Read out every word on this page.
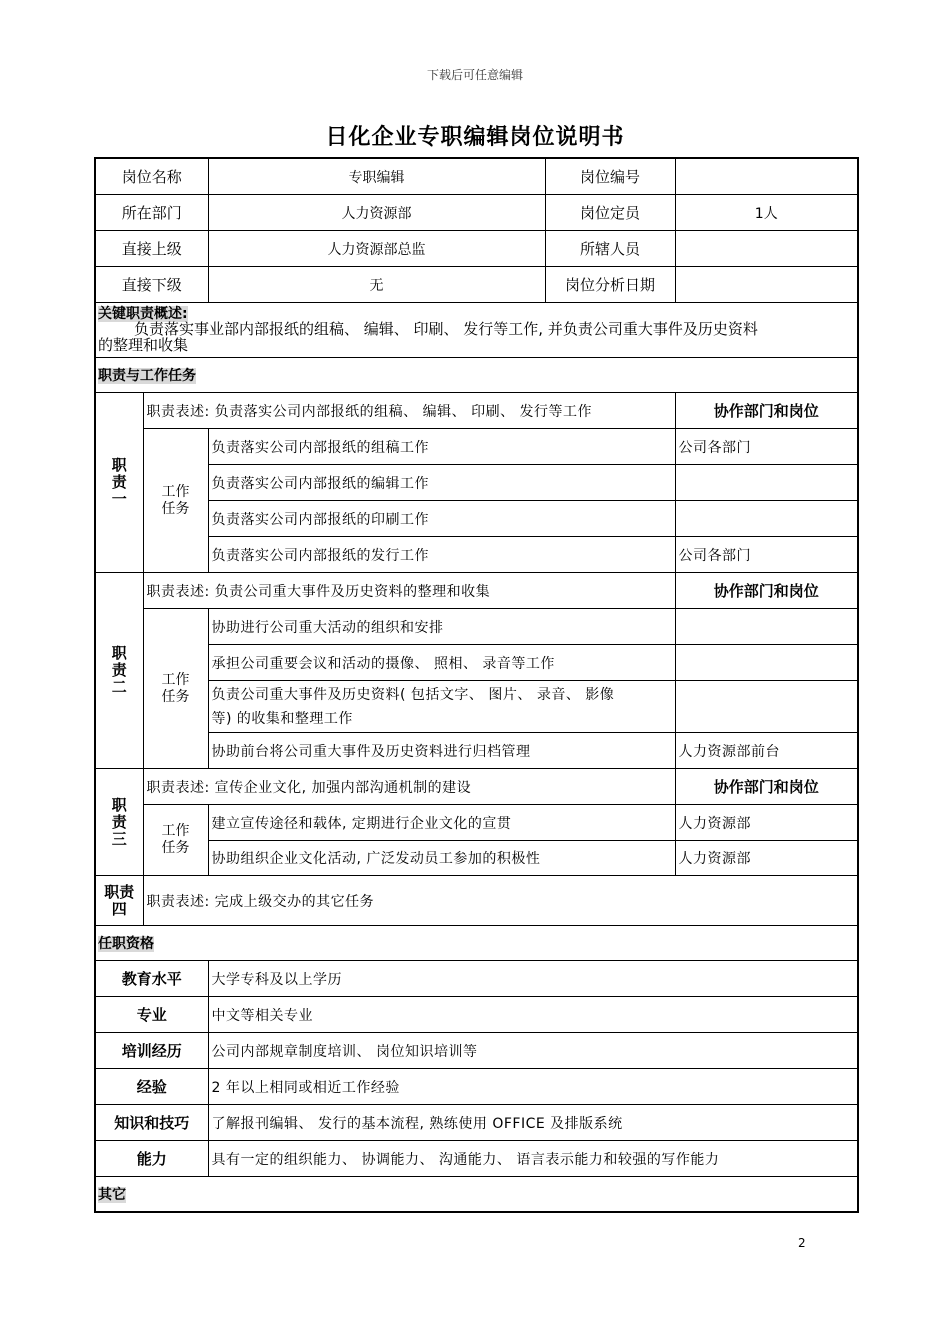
下载后可任意编辑
日化企业专职编辑岗位说明书
岗位名称		专职编辑	岗位编号	
所在部门		人力资源部	岗位定员	1人
直接上级		人力资源部总监	所辖人员	
直接下级		无	岗位分析日期	
关键职责概述:
负责落实事业部内部报纸的组稿、 编辑、 印刷、 发行等工作, 并负责公司重大事件及历史资料
的整理和收集				
职责与工作任务				
职
责
一	职责表述: 负责落实公司内部报纸的组稿、 编辑、 印刷、 发行等工作			协作部门和岗位
	工作
任务	负责落实公司内部报纸的组稿工作		公司各部门
		负责落实公司内部报纸的编辑工作		
		负责落实公司内部报纸的印刷工作		
		负责落实公司内部报纸的发行工作		公司各部门
职
责
二	职责表述: 负责公司重大事件及历史资料的整理和收集			协作部门和岗位
	工作
任务	协助进行公司重大活动的组织和安排		
		承担公司重要会议和活动的摄像、 照相、 录音等工作		
		负责公司重大事件及历史资料( 包括文字、 图片、 录音、 影像
等) 的收集和整理工作		
		协助前台将公司重大事件及历史资料进行归档管理		人力资源部前台
职
责
三	职责表述: 宣传企业文化, 加强内部沟通机制的建设			协作部门和岗位
	工作
任务	建立宣传途径和载体, 定期进行企业文化的宣贯		人力资源部
		协助组织企业文化活动, 广泛发动员工参加的积极性		人力资源部
职责
四	职责表述: 完成上级交办的其它任务			
任职资格				
教育水平		大学专科及以上学历		
专业		中文等相关专业		
培训经历		公司内部规章制度培训、 岗位知识培训等		
经验		2 年以上相同或相近工作经验		
知识和技巧		了解报刊编辑、 发行的基本流程, 熟练使用 OFFICE 及排版系统		
能力		具有一定的组织能力、 协调能力、 沟通能力、 语言表示能力和较强的写作能力		
其它				
2
